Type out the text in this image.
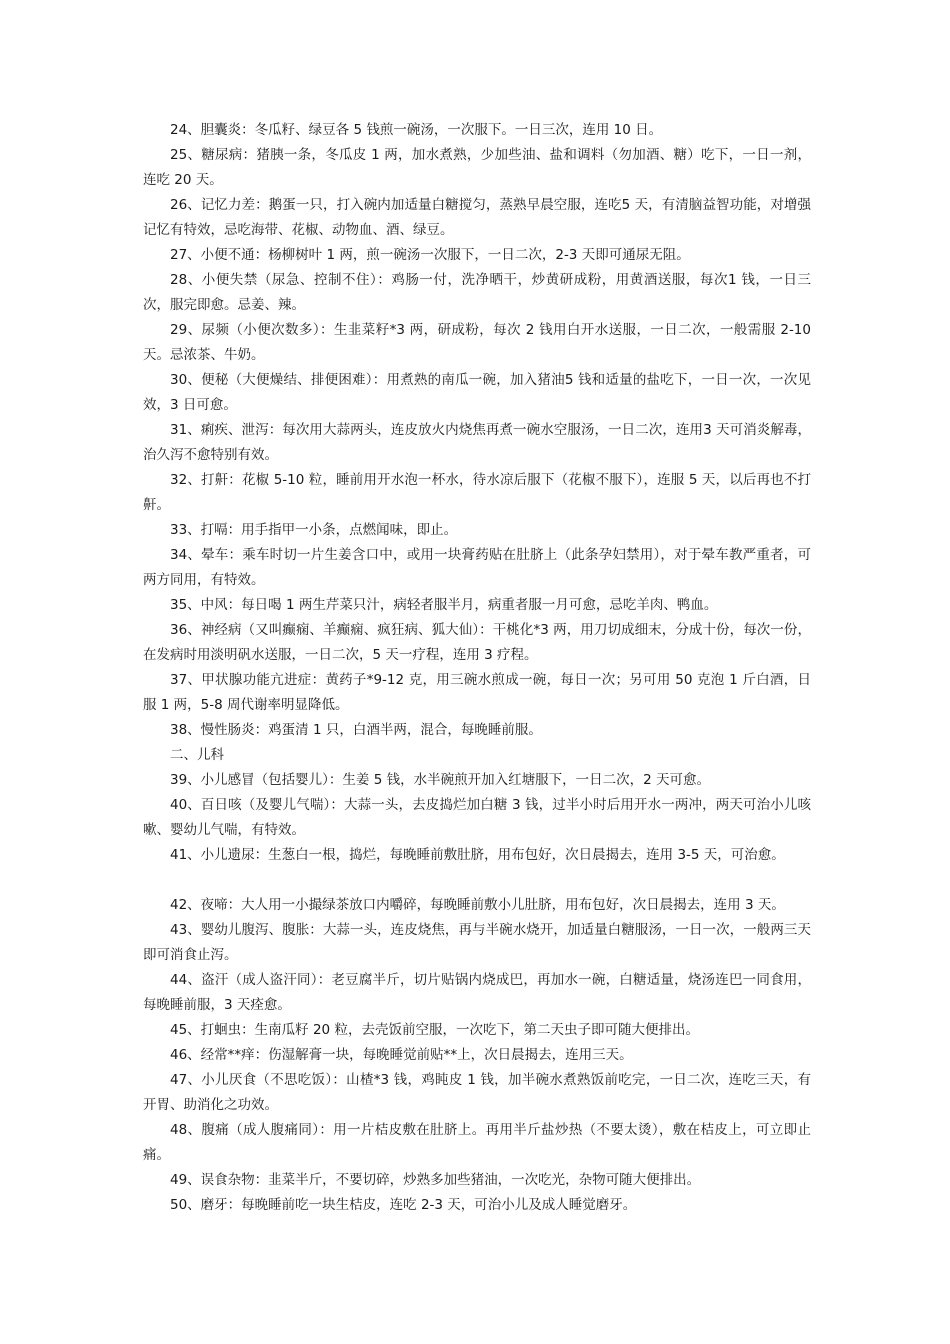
24、胆囊炎：冬瓜籽、绿豆各 5 钱煎一碗汤，一次服下。一日三次，连用 10 日。

25、糖尿病：猪胰一条，冬瓜皮 1 两，加水煮熟，少加些油、盐和调料（勿加酒、糖）吃下，一日一剂，连吃 20 天。

26、记忆力差：鹅蛋一只，打入碗内加适量白糖搅匀，蒸熟早晨空服，连吃5 天，有清脑益智功能，对增强记忆有特效，忌吃海带、花椒、动物血、酒、绿豆。

27、小便不通：杨柳树叶 1 两，煎一碗汤一次服下，一日二次，2-3 天即可通尿无阻。

28、小便失禁（尿急、控制不住）：鸡肠一付，洗净晒干，炒黄研成粉，用黄酒送服，每次1 钱，一日三次，服完即愈。忌姜、辣。

29、尿频（小便次数多）：生韭菜籽*3 两，研成粉，每次 2 钱用白开水送服，一日二次，一般需服 2-10 天。忌浓茶、牛奶。

30、便秘（大便燥结、排便困难）：用煮熟的南瓜一碗，加入猪油5 钱和适量的盐吃下，一日一次，一次见效，3 日可愈。

31、痢疾、泄泻：每次用大蒜两头，连皮放火内烧焦再煮一碗水空服汤，一日二次，连用3 天可消炎解毒，治久泻不愈特别有效。

32、打鼾：花椒 5-10 粒，睡前用开水泡一杯水，待水凉后服下（花椒不服下），连服 5 天，以后再也不打鼾。

33、打嗝：用手指甲一小条，点燃闻味，即止。

34、晕车：乘车时切一片生姜含口中，或用一块膏药贴在肚脐上（此条孕妇禁用），对于晕车教严重者，可两方同用，有特效。

35、中风：每日喝 1 两生芹菜只汁，病轻者服半月，病重者服一月可愈，忌吃羊肉、鸭血。

36、神经病（又叫癫痫、羊癫痫、疯狂病、狐大仙）：干桃化*3 两，用刀切成细末，分成十份，每次一份，在发病时用淡明矾水送服，一日二次，5 天一疗程，连用 3 疗程。

37、甲状腺功能亢进症：黄药子*9-12 克，用三碗水煎成一碗，每日一次；另可用 50 克泡 1 斤白酒，日服 1 两，5-8 周代谢率明显降低。

38、慢性肠炎：鸡蛋清 1 只，白酒半两，混合，每晚睡前服。

二、儿科

39、小儿感冒（包括婴儿）：生姜 5 钱，水半碗煎开加入红塘服下，一日二次，2 天可愈。

40、百日咳（及婴儿气喘）：大蒜一头，去皮捣烂加白糖 3 钱，过半小时后用开水一两冲，两天可治小儿咳嗽、婴幼儿气喘，有特效。

41、小儿遗尿：生葱白一根，捣烂，每晚睡前敷肚脐，用布包好，次日晨揭去，连用 3-5 天，可治愈。

42、夜啼：大人用一小撮绿茶放口内嚼碎，每晚睡前敷小儿肚脐，用布包好，次日晨揭去，连用 3 天。

43、婴幼儿腹泻、腹胀：大蒜一头，连皮烧焦，再与半碗水烧开，加适量白糖服汤，一日一次，一般两三天即可消食止泻。

44、盗汗（成人盗汗同）：老豆腐半斤，切片贴锅内烧成巴，再加水一碗，白糖适量，烧汤连巴一同食用，每晚睡前服，3 天痊愈。

45、打蛔虫：生南瓜籽 20 粒，去壳饭前空服，一次吃下，第二天虫子即可随大便排出。

46、经常**痒：伤湿解膏一块，每晚睡觉前贴**上，次日晨揭去，连用三天。

47、小儿厌食（不思吃饭）：山楂*3 钱，鸡盹皮 1 钱，加半碗水煮熟饭前吃完，一日二次，连吃三天，有开胃、助消化之功效。

48、腹痛（成人腹痛同）：用一片桔皮敷在肚脐上。再用半斤盐炒热（不要太烫），敷在桔皮上，可立即止痛。

49、误食杂物：韭菜半斤，不要切碎，炒熟多加些猪油，一次吃光，杂物可随大便排出。

50、磨牙：每晚睡前吃一块生桔皮，连吃 2-3 天，可治小儿及成人睡觉磨牙。
